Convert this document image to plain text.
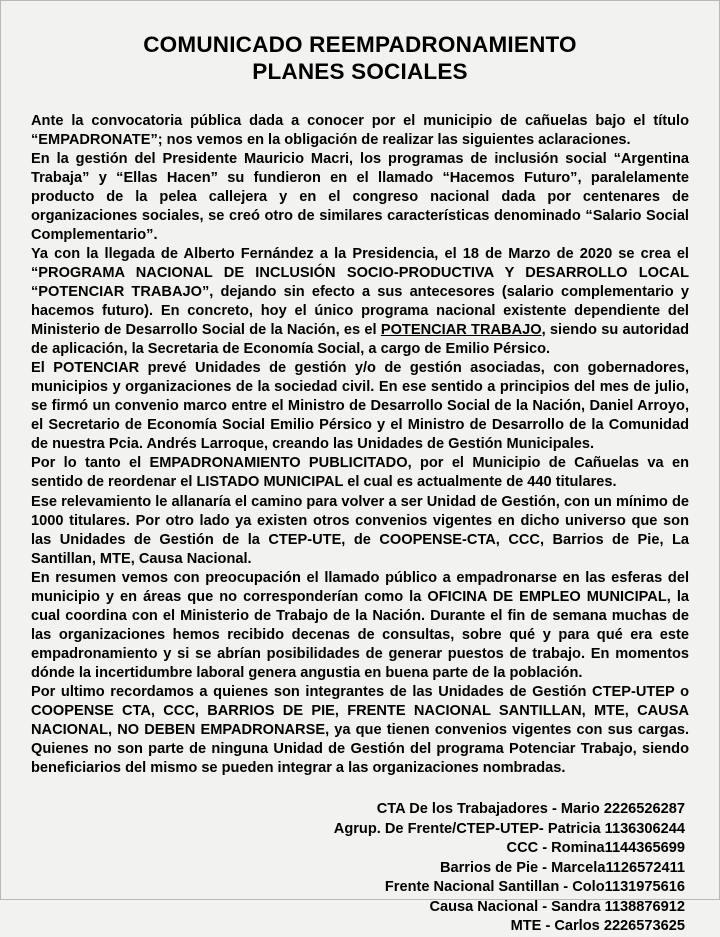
COMUNICADO REEMPADRONAMIENTO
PLANES SOCIALES

Ante la convocatoria pública dada a conocer por el municipio de cañuelas bajo el título “EMPADRONATE”; nos vemos en la obligación de realizar las siguientes aclaraciones.

En la gestión del Presidente Mauricio Macri, los programas de inclusión social “Argentina Trabaja” y “Ellas Hacen” su fundieron en el llamado “Hacemos Futuro”, paralelamente producto de la pelea callejera y en el congreso nacional dada por centenares de organizaciones sociales, se creó otro de similares características denominado “Salario Social Complementario”.

Ya con la llegada de Alberto Fernández a la Presidencia, el 18 de Marzo de 2020 se crea el “PROGRAMA NACIONAL DE INCLUSIÓN SOCIO-PRODUCTIVA Y DESARROLLO LOCAL “POTENCIAR TRABAJO”, dejando sin efecto a sus antecesores (salario complementario y hacemos futuro). En concreto, hoy el único programa nacional existente dependiente del Ministerio de Desarrollo Social de la Nación, es el POTENCIAR TRABAJO, siendo su autoridad de aplicación, la Secretaria de Economía Social, a cargo de Emilio Pérsico.

El POTENCIAR prevé Unidades de gestión y/o de gestión asociadas, con gobernadores, municipios y organizaciones de la sociedad civil. En ese sentido a principios del mes de julio, se firmó un convenio marco entre el Ministro de Desarrollo Social de la Nación, Daniel Arroyo, el Secretario de Economía Social Emilio Pérsico y el Ministro de Desarrollo de la Comunidad de nuestra Pcia. Andrés Larroque, creando las Unidades de Gestión Municipales.

Por lo tanto el EMPADRONAMIENTO PUBLICITADO, por el Municipio de Cañuelas va en sentido de reordenar el LISTADO MUNICIPAL el cual es actualmente de 440 titulares.

Ese relevamiento le allanaría el camino para volver a ser Unidad de Gestión, con un mínimo de 1000 titulares. Por otro lado ya existen otros convenios vigentes en dicho universo que son las Unidades de Gestión de la CTEP-UTE, de COOPENSE-CTA, CCC, Barrios de Pie, La Santillan, MTE, Causa Nacional.

En resumen vemos con preocupación el llamado público a empadronarse en las esferas del municipio y en áreas que no corresponderían como la OFICINA DE EMPLEO MUNICIPAL, la cual coordina con el Ministerio de Trabajo de la Nación. Durante el fin de semana muchas de las organizaciones hemos recibido decenas de consultas, sobre qué y para qué era este empadronamiento y si se abrían posibilidades de generar puestos de trabajo. En momentos dónde la incertidumbre laboral genera angustia en buena parte de la población.

Por ultimo recordamos a quienes son integrantes de las Unidades de Gestión CTEP-UTEP o COOPENSE CTA, CCC, BARRIOS DE PIE, FRENTE NACIONAL SANTILLAN, MTE, CAUSA NACIONAL, NO DEBEN EMPADRONARSE, ya que tienen convenios vigentes con sus cargas. Quienes no son parte de ninguna Unidad de Gestión del programa Potenciar Trabajo, siendo beneficiarios del mismo se pueden integrar a las organizaciones nombradas.

CTA De los Trabajadores - Mario 2226526287
Agrup. De Frente/CTEP-UTEP- Patricia 1136306244
CCC - Romina1144365699
Barrios de Pie - Marcela1126572411
Frente Nacional Santillan - Colo1131975616
Causa Nacional - Sandra 1138876912
MTE - Carlos 2226573625
